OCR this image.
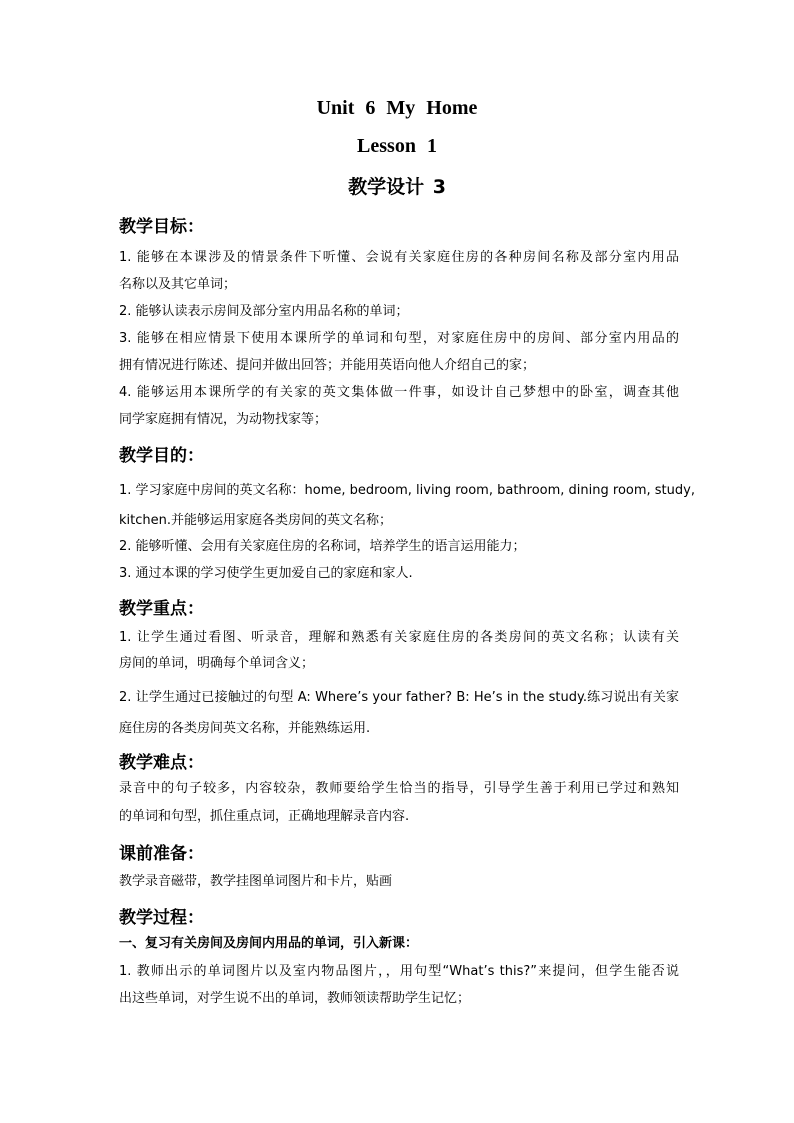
Unit 6 My Home
Lesson 1
教学设计 3
教学目标：
1. 能够在本课涉及的情景条件下听懂、会说有关家庭住房的各种房间名称及部分室内用品
名称以及其它单词；
2. 能够认读表示房间及部分室内用品名称的单词；
3. 能够在相应情景下使用本课所学的单词和句型，对家庭住房中的房间、部分室内用品的
拥有情况进行陈述、提问并做出回答；并能用英语向他人介绍自己的家；
4. 能够运用本课所学的有关家的英文集体做一件事，如设计自己梦想中的卧室，调查其他
同学家庭拥有情况，为动物找家等；
教学目的：
1. 学习家庭中房间的英文名称：home, bedroom, living room, bathroom, dining room, study,
kitchen.并能够运用家庭各类房间的英文名称；
2. 能够听懂、会用有关家庭住房的名称词，培养学生的语言运用能力；
3. 通过本课的学习使学生更加爱自己的家庭和家人.
教学重点：
1. 让学生通过看图、听录音，理解和熟悉有关家庭住房的各类房间的英文名称；认读有关
房间的单词，明确每个单词含义；
2. 让学生通过已接触过的句型 A: Where’s your father? B: He’s in the study.练习说出有关家
庭住房的各类房间英文名称，并能熟练运用.
教学难点：
录音中的句子较多，内容较杂，教师要给学生恰当的指导，引导学生善于利用已学过和熟知
的单词和句型，抓住重点词，正确地理解录音内容.
课前准备：
教学录音磁带，教学挂图单词图片和卡片，贴画
教学过程：
一、复习有关房间及房间内用品的单词，引入新课：
1. 教师出示的单词图片以及室内物品图片，，用句型“What’s this?”来提问，但学生能否说
出这些单词，对学生说不出的单词，教师领读帮助学生记忆；
